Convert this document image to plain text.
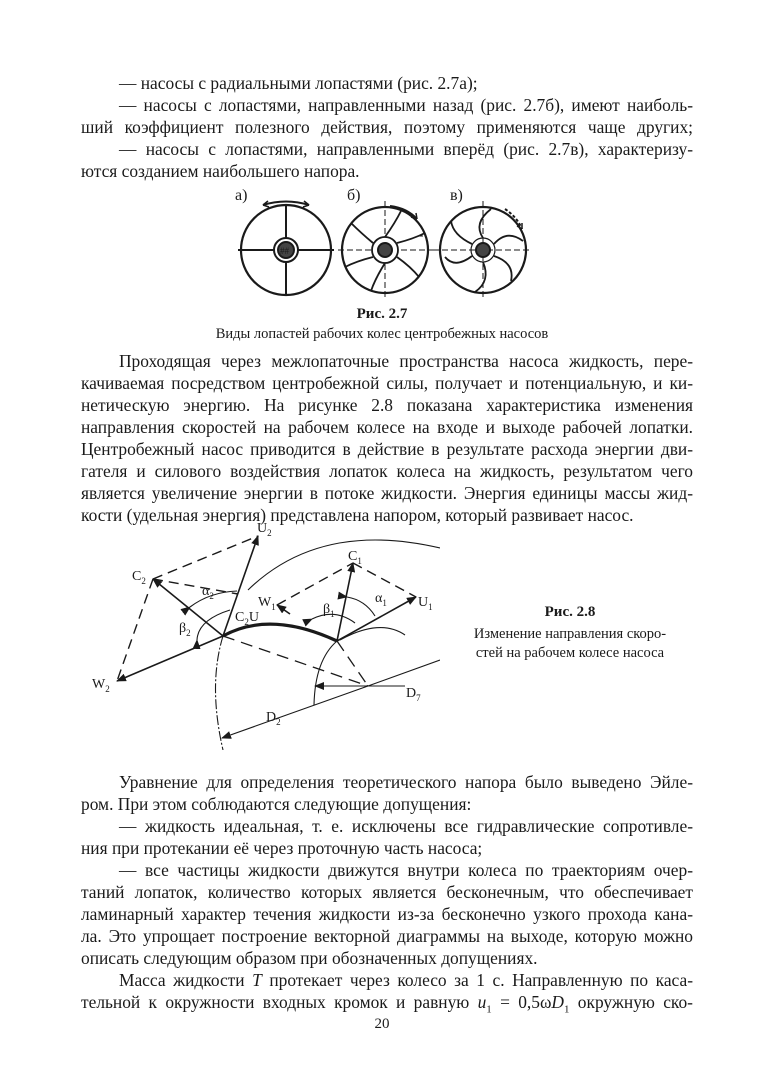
— насосы с радиальными лопастями (рис. 2.7а);
— насосы с лопастями, направленными назад (рис. 2.7б), имеют наиболь-
ший коэффициент полезного действия, поэтому применяются чаще других;
— насосы с лопастями, направленными вперёд (рис. 2.7в), характеризу-
ются созданием наибольшего напора.
а)	б)	в)
##
Рис. 2.7
Виды лопастей рабочих колес центробежных насосов
Проходящая через межлопаточные пространства насоса жидкость, пере-
качиваемая посредством центробежной силы, получает и потенциальную, и ки-
нетическую энергию. На рисунке 2.8 показана характеристика изменения
направления скоростей на рабочем колесе на входе и выходе рабочей лопатки.
Центробежный насос приводится в действие в результате расхода энергии дви-
гателя и силового воздействия лопаток колеса на жидкость, результатом чего
является увеличение энергии в потоке жидкости. Энергия единицы массы жид-
кости (удельная энергия) представлена напором, который развивает насос.
$U_2$
$C_2$
$\alpha_2$
$\beta_2$
$W_2$
$C_2U$
$C_1$
$W_1$	$\beta_1$
$\alpha_1$ $U_1$
$D_7$
$D_2$
Рис. 2.8
Изменение направления скоро-
стей на рабочем колесе насоса
Уравнение для определения теоретического напора было выведено Эйле-
ром. При этом соблюдаются следующие допущения:
— жидкость идеальная, т. е. исключены все гидравлические сопротивле-
ния при протекании её через проточную часть насоса;
— все частицы жидкости движутся внутри колеса по траекториям очер-
таний лопаток, количество которых является бесконечным, что обеспечивает
ламинарный характер течения жидкости из-за бесконечно узкого прохода кана-
ла. Это упрощает построение векторной диаграммы на выходе, которую можно
описать следующим образом при обозначенных допущениях.
Масса жидкости T протекает через колесо за 1 с. Направленную по каса-
тельной к окружности входных кромок и равную $u_1 = 0,5\omega D_1$ окружную ско-
20
